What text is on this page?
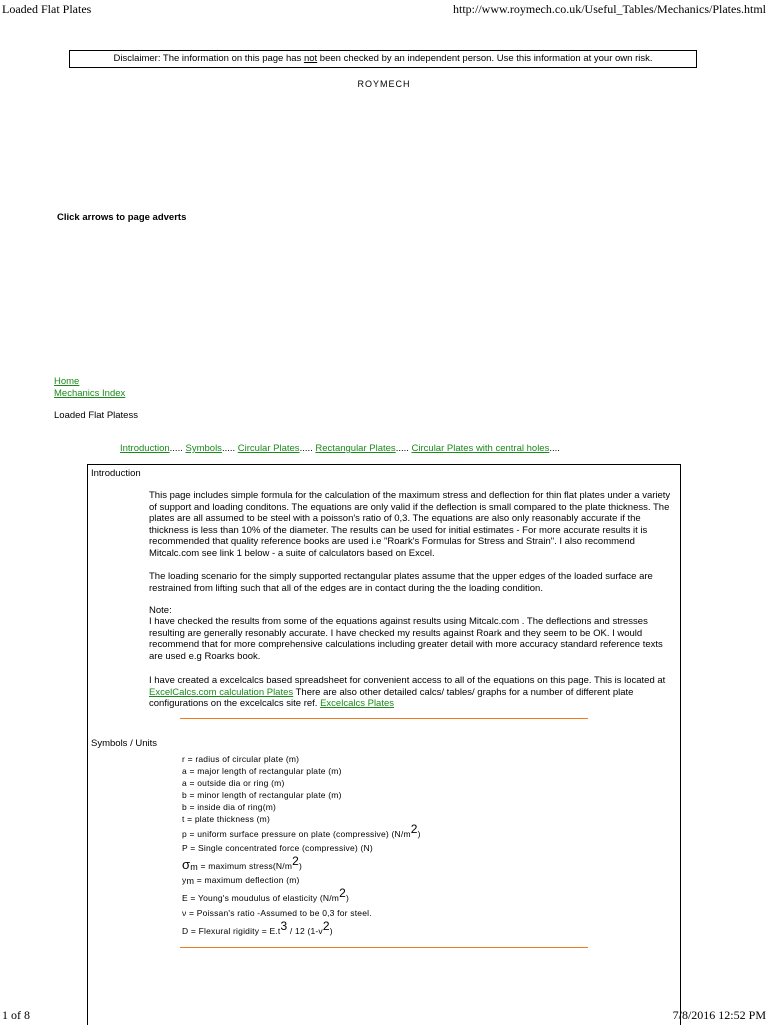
Loaded Flat Plates	http://www.roymech.co.uk/Useful_Tables/Mechanics/Plates.html
Disclaimer: The information on this page has not been checked by an independent person. Use this information at your own risk.
ROYMECH
Click arrows to page adverts
Home
Mechanics Index
Loaded Flat Platess
Introduction..... Symbols..... Circular Plates..... Rectangular Plates..... Circular Plates with central holes....
Introduction
This page includes simple formula for the calculation of the maximum stress and deflection for thin flat plates under a variety of support and loading conditons. The equations are only valid if the deflection is small compared to the plate thickness. The plates are all assumed to be steel with a poisson's ratio of 0,3. The equations are also only reasonably accurate if the thickness is less than 10% of the diameter. The results can be used for initial estimates - For more accurate results it is recommended that quality reference books are used i.e "Roark's Formulas for Stress and Strain". I also recommend Mitcalc.com see link 1 below - a suite of calculators based on Excel.
The loading scenario for the simply supported rectangular plates assume that the upper edges of the loaded surface are restrained from lifting such that all of the edges are in contact during the the loading condition.
Note:
I have checked the results from some of the equations against results using Mitcalc.com . The deflections and stresses resulting are generally resonably accurate. I have checked my results against Roark and they seem to be OK. I would recommend that for more comprehensive calculations including greater detail with more accuracy standard reference texts are used e.g Roarks book.
I have created a excelcalcs based spreadsheet for convenient access to all of the equations on this page. This is located at ExcelCalcs.com calculation Plates There are also other detailed calcs/ tables/ graphs for a number of different plate configurations on the excelcalcs site ref. Excelcalcs Plates
Symbols / Units
r = radius of circular plate (m)
a = major length of rectangular plate (m)
a = outside dia or ring (m)
b = minor length of rectangular plate (m)
b = inside dia of ring(m)
t = plate thickness (m)
p = uniform surface pressure on plate (compressive) $(N/m^2)$
P = Single concentrated force (compressive) (N)
$\sigma_m$ = maximum $stress(N/m^2)$
$y_m$ = maximum deflection (m)
E = Young's moudulus of elasticity $(N/m^2)$
ν = Poissan's ratio -Assumed to be 0,3 for steel.
D = Flexural rigidity = $E.t^3 / 12$ $(1-v^2)$
1 of 8	7/8/2016 12:52 PM
